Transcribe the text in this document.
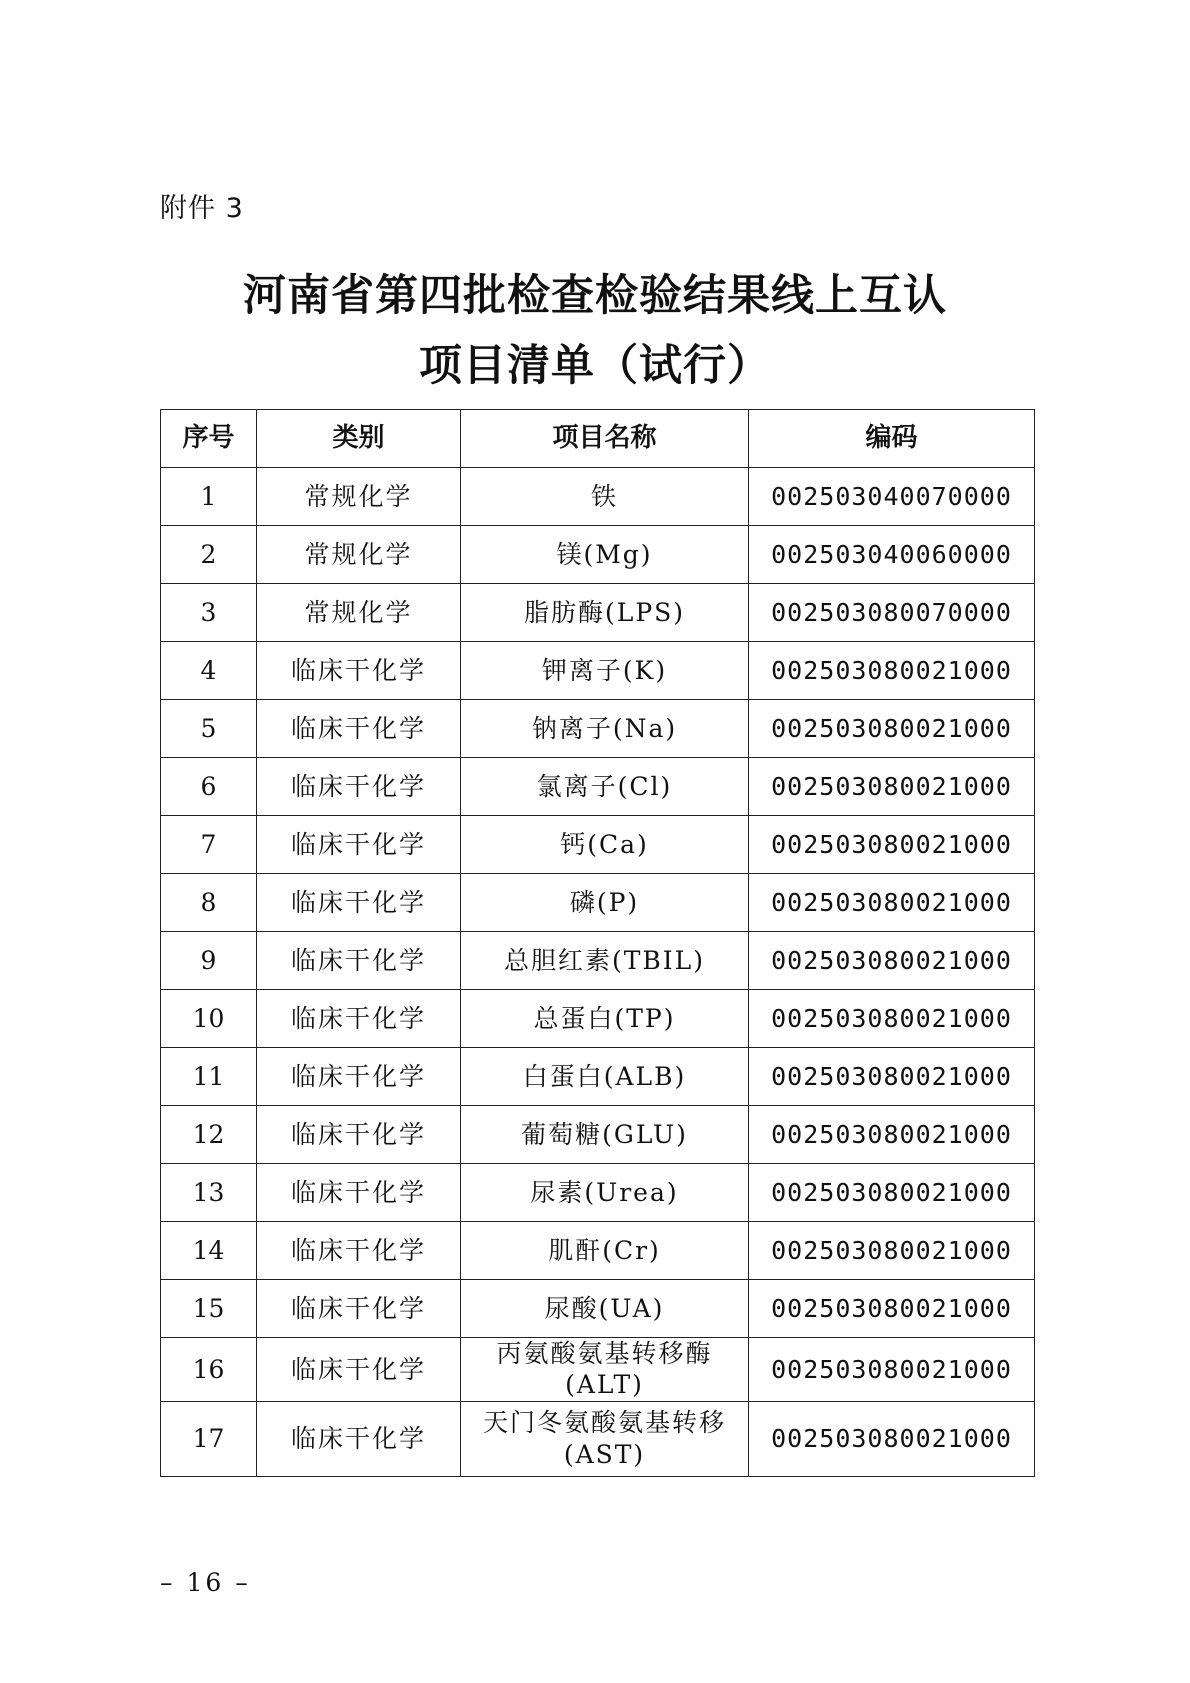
附件 3
河南省第四批检查检验结果线上互认
项目清单（试行）
序号	类别	项目名称	编码
1	常规化学	铁	002503040070000
2	常规化学	镁(Mg)	002503040060000
3	常规化学	脂肪酶(LPS)	002503080070000
4	临床干化学	钾离子(K)	002503080021000
5	临床干化学	钠离子(Na)	002503080021000
6	临床干化学	氯离子(Cl)	002503080021000
7	临床干化学	钙(Ca)	002503080021000
8	临床干化学	磷(P)	002503080021000
9	临床干化学	总胆红素(TBIL)	002503080021000
10	临床干化学	总蛋白(TP)	002503080021000
11	临床干化学	白蛋白(ALB)	002503080021000
12	临床干化学	葡萄糖(GLU)	002503080021000
13	临床干化学	尿素(Urea)	002503080021000
14	临床干化学	肌酐(Cr)	002503080021000
15	临床干化学	尿酸(UA)	002503080021000
16	临床干化学	丙氨酸氨基转移酶(ALT)	002503080021000
17	临床干化学	天门冬氨酸氨基转移(AST)	002503080021000
– 16 –
